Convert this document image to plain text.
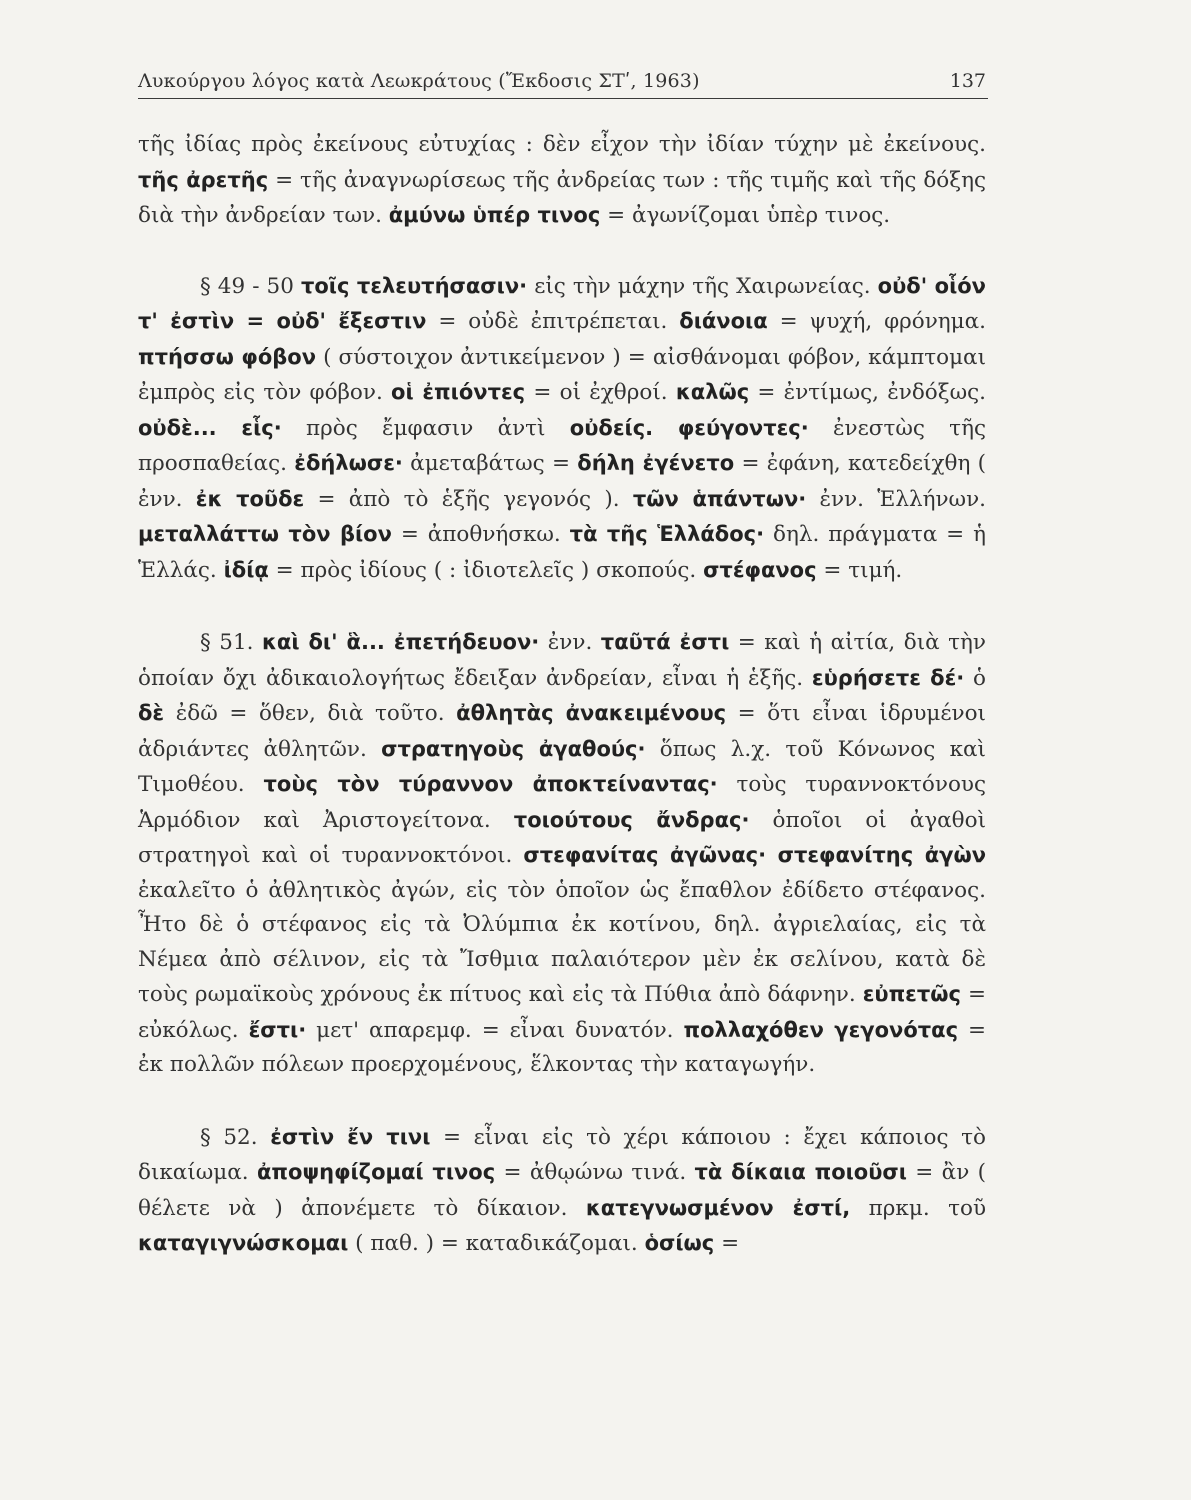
Λυκούργου λόγος κατὰ Λεωκράτους (Ἔκδοσις ΣΤʹ, 1963)	137

τῆς ἰδίας πρὸς ἐκείνους εὐτυχίας : δὲν εἶχον τὴν ἰδίαν τύχην μὲ ἐκείνους. τῆς ἀρετῆς = τῆς ἀναγνωρίσεως τῆς ἀνδρείας των : τῆς τιμῆς καὶ τῆς δόξης διὰ τὴν ἀνδρείαν των. ἀμύνω ὑπέρ τινος = ἀγωνίζομαι ὑπὲρ τινος.

§ 49 - 50 τοῖς τελευτήσασιν· εἰς τὴν μάχην τῆς Χαιρωνείας. οὐδ' οἷόν τ' ἐστὶν = οὐδ' ἔξεστιν = οὐδὲ ἐπιτρέπεται. διάνοια = ψυχή, φρόνημα. πτήσσω φόβον ( σύστοιχον ἀντικείμενον ) = αἰσθάνομαι φόβον, κάμπτομαι ἐμπρὸς εἰς τὸν φόβον. οἱ ἐπιόντες = οἱ ἐχθροί. καλῶς = ἐντίμως, ἐνδόξως. οὐδὲ... εἷς· πρὸς ἔμφασιν ἀντὶ οὐδείς. φεύγοντες· ἐνεστὼς τῆς προσπαθείας. ἐδήλωσε· ἀμεταβάτως = δήλη ἐγένετο = ἐφάνη, κατεδείχθη ( ἐνν. ἐκ τοῦδε = ἀπὸ τὸ ἑξῆς γεγονός ). τῶν ἁπάντων· ἐνν. Ἑλλήνων. μεταλλάττω τὸν βίον = ἀποθνήσκω. τὰ τῆς Ἑλλάδος· δηλ. πράγματα = ἡ Ἑλλάς. ἰδίᾳ = πρὸς ἰδίους ( : ἰδιοτελεῖς ) σκοπούς. στέφανος = τιμή.

§ 51. καὶ δι' ἃ... ἐπετήδευον· ἐνν. ταῦτά ἐστι = καὶ ἡ αἰτία, διὰ τὴν ὁποίαν ὄχι ἀδικαιολογήτως ἔδειξαν ἀνδρείαν, εἶναι ἡ ἑξῆς. εὑρήσετε δέ· ὁ δὲ ἐδῶ = ὅθεν, διὰ τοῦτο. ἀθλητὰς ἀνακειμένους = ὅτι εἶναι ἱδρυμένοι ἀδριάντες ἀθλητῶν. στρατηγοὺς ἀγαθούς· ὅπως λ.χ. τοῦ Κόνωνος καὶ Τιμοθέου. τοὺς τὸν τύραννον ἀποκτείναντας· τοὺς τυραννοκτόνους Ἁρμόδιον καὶ Ἀριστογείτονα. τοιούτους ἄνδρας· ὁποῖοι οἱ ἀγαθοὶ στρατηγοὶ καὶ οἱ τυραννοκτόνοι. στεφανίτας ἀγῶνας· στεφανίτης ἀγὼν ἐκαλεῖτο ὁ ἀθλητικὸς ἀγών, εἰς τὸν ὁποῖον ὡς ἔπαθλον ἐδίδετο στέφανος. Ἦτο δὲ ὁ στέφανος εἰς τὰ Ὀλύμπια ἐκ κοτίνου, δηλ. ἀγριελαίας, εἰς τὰ Νέμεα ἀπὸ σέλινον, εἰς τὰ Ἴσθμια παλαιότερον μὲν ἐκ σελίνου, κατὰ δὲ τοὺς ρωμαϊκοὺς χρόνους ἐκ πίτυος καὶ εἰς τὰ Πύθια ἀπὸ δάφνην. εὐπετῶς = εὐκόλως. ἔστι· μετ' απαρεμφ. = εἶναι δυνατόν. πολλαχόθεν γεγονότας = ἐκ πολλῶν πόλεων προερχομένους, ἕλκοντας τὴν καταγωγήν.

§ 52. ἐστὶν ἔν τινι = εἶναι εἰς τὸ χέρι κάποιου : ἔχει κάποιος τὸ δικαίωμα. ἀποψηφίζομαί τινος = ἀθῳώνω τινά. τὰ δίκαια ποιοῦσι = ἂν ( θέλετε νὰ ) ἀπονέμετε τὸ δίκαιον. κατεγνωσμένον ἐστί, πρκμ. τοῦ καταγιγνώσκομαι ( παθ. ) = καταδικάζομαι. ὁσίως =
